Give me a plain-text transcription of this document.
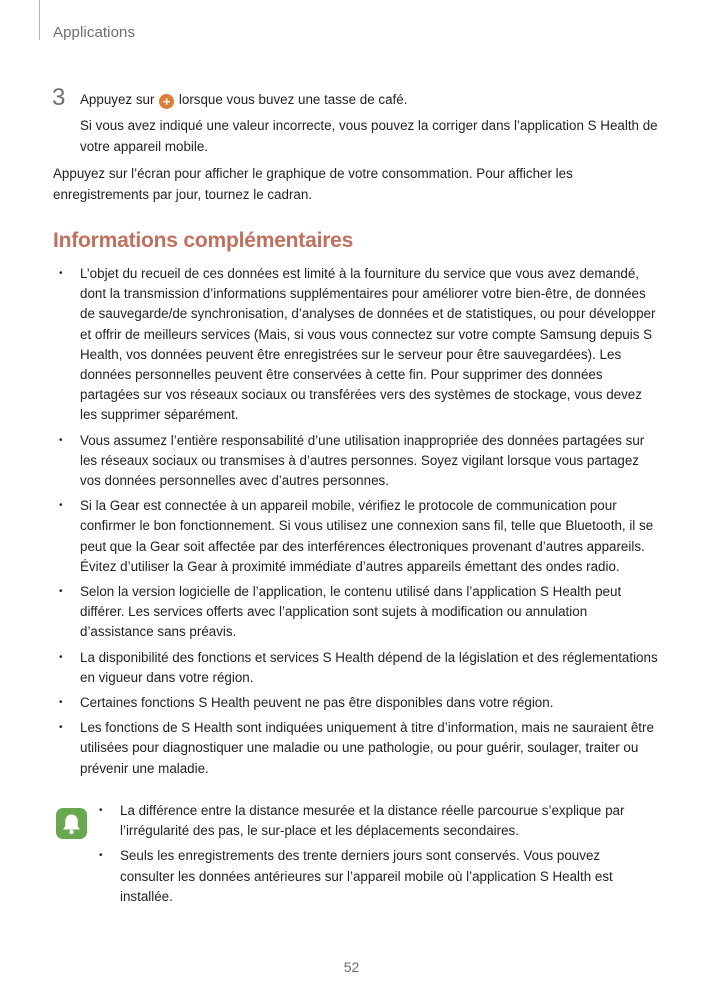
Applications
3 Appuyez sur + lorsque vous buvez une tasse de café.
Si vous avez indiqué une valeur incorrecte, vous pouvez la corriger dans l’application S Health de votre appareil mobile.
Appuyez sur l’écran pour afficher le graphique de votre consommation. Pour afficher les enregistrements par jour, tournez le cadran.
Informations complémentaires
• L’objet du recueil de ces données est limité à la fourniture du service que vous avez demandé, dont la transmission d’informations supplémentaires pour améliorer votre bien-être, de données de sauvegarde/de synchronisation, d’analyses de données et de statistiques, ou pour développer et offrir de meilleurs services (Mais, si vous vous connectez sur votre compte Samsung depuis S Health, vos données peuvent être enregistrées sur le serveur pour être sauvegardées). Les données personnelles peuvent être conservées à cette fin. Pour supprimer des données partagées sur vos réseaux sociaux ou transférées vers des systèmes de stockage, vous devez les supprimer séparément.
• Vous assumez l’entière responsabilité d’une utilisation inappropriée des données partagées sur les réseaux sociaux ou transmises à d’autres personnes. Soyez vigilant lorsque vous partagez vos données personnelles avec d’autres personnes.
• Si la Gear est connectée à un appareil mobile, vérifiez le protocole de communication pour confirmer le bon fonctionnement. Si vous utilisez une connexion sans fil, telle que Bluetooth, il se peut que la Gear soit affectée par des interférences électroniques provenant d’autres appareils. Évitez d’utiliser la Gear à proximité immédiate d’autres appareils émettant des ondes radio.
• Selon la version logicielle de l’application, le contenu utilisé dans l’application S Health peut différer. Les services offerts avec l’application sont sujets à modification ou annulation d’assistance sans préavis.
• La disponibilité des fonctions et services S Health dépend de la législation et des réglementations en vigueur dans votre région.
• Certaines fonctions S Health peuvent ne pas être disponibles dans votre région.
• Les fonctions de S Health sont indiquées uniquement à titre d’information, mais ne sauraient être utilisées pour diagnostiquer une maladie ou une pathologie, ou pour guérir, soulager, traiter ou prévenir une maladie.
• La différence entre la distance mesurée et la distance réelle parcourue s’explique par l’irrégularité des pas, le sur-place et les déplacements secondaires.
• Seuls les enregistrements des trente derniers jours sont conservés. Vous pouvez consulter les données antérieures sur l’appareil mobile où l’application S Health est installée.
52
